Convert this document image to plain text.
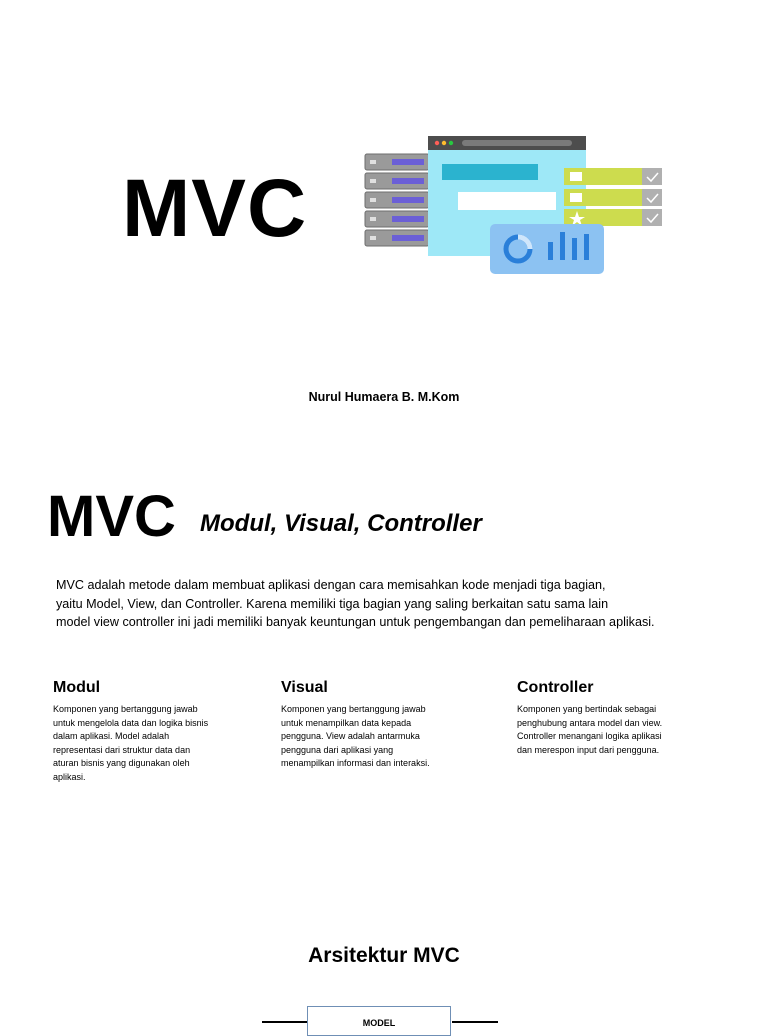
MVC
Nurul Humaera B. M.Kom
MVC Modul, Visual, Controller
MVC adalah metode dalam membuat aplikasi dengan cara memisahkan kode menjadi tiga bagian,
yaitu Model, View, dan Controller. Karena memiliki tiga bagian yang saling berkaitan satu sama lain
model view controller ini jadi memiliki banyak keuntungan untuk pengembangan dan pemeliharaan aplikasi.
Modul
Komponen yang bertanggung jawab
untuk mengelola data dan logika bisnis
dalam aplikasi. Model adalah
representasi dari struktur data dan
aturan bisnis yang digunakan oleh
aplikasi.
Visual
Komponen yang bertanggung jawab
untuk menampilkan data kepada
pengguna. View adalah antarmuka
pengguna dari aplikasi yang
menampilkan informasi dan interaksi.
Controller
Komponen yang bertindak sebagai
penghubung antara model dan view.
Controller menangani logika aplikasi
dan merespon input dari pengguna.
Arsitektur MVC
MODEL
